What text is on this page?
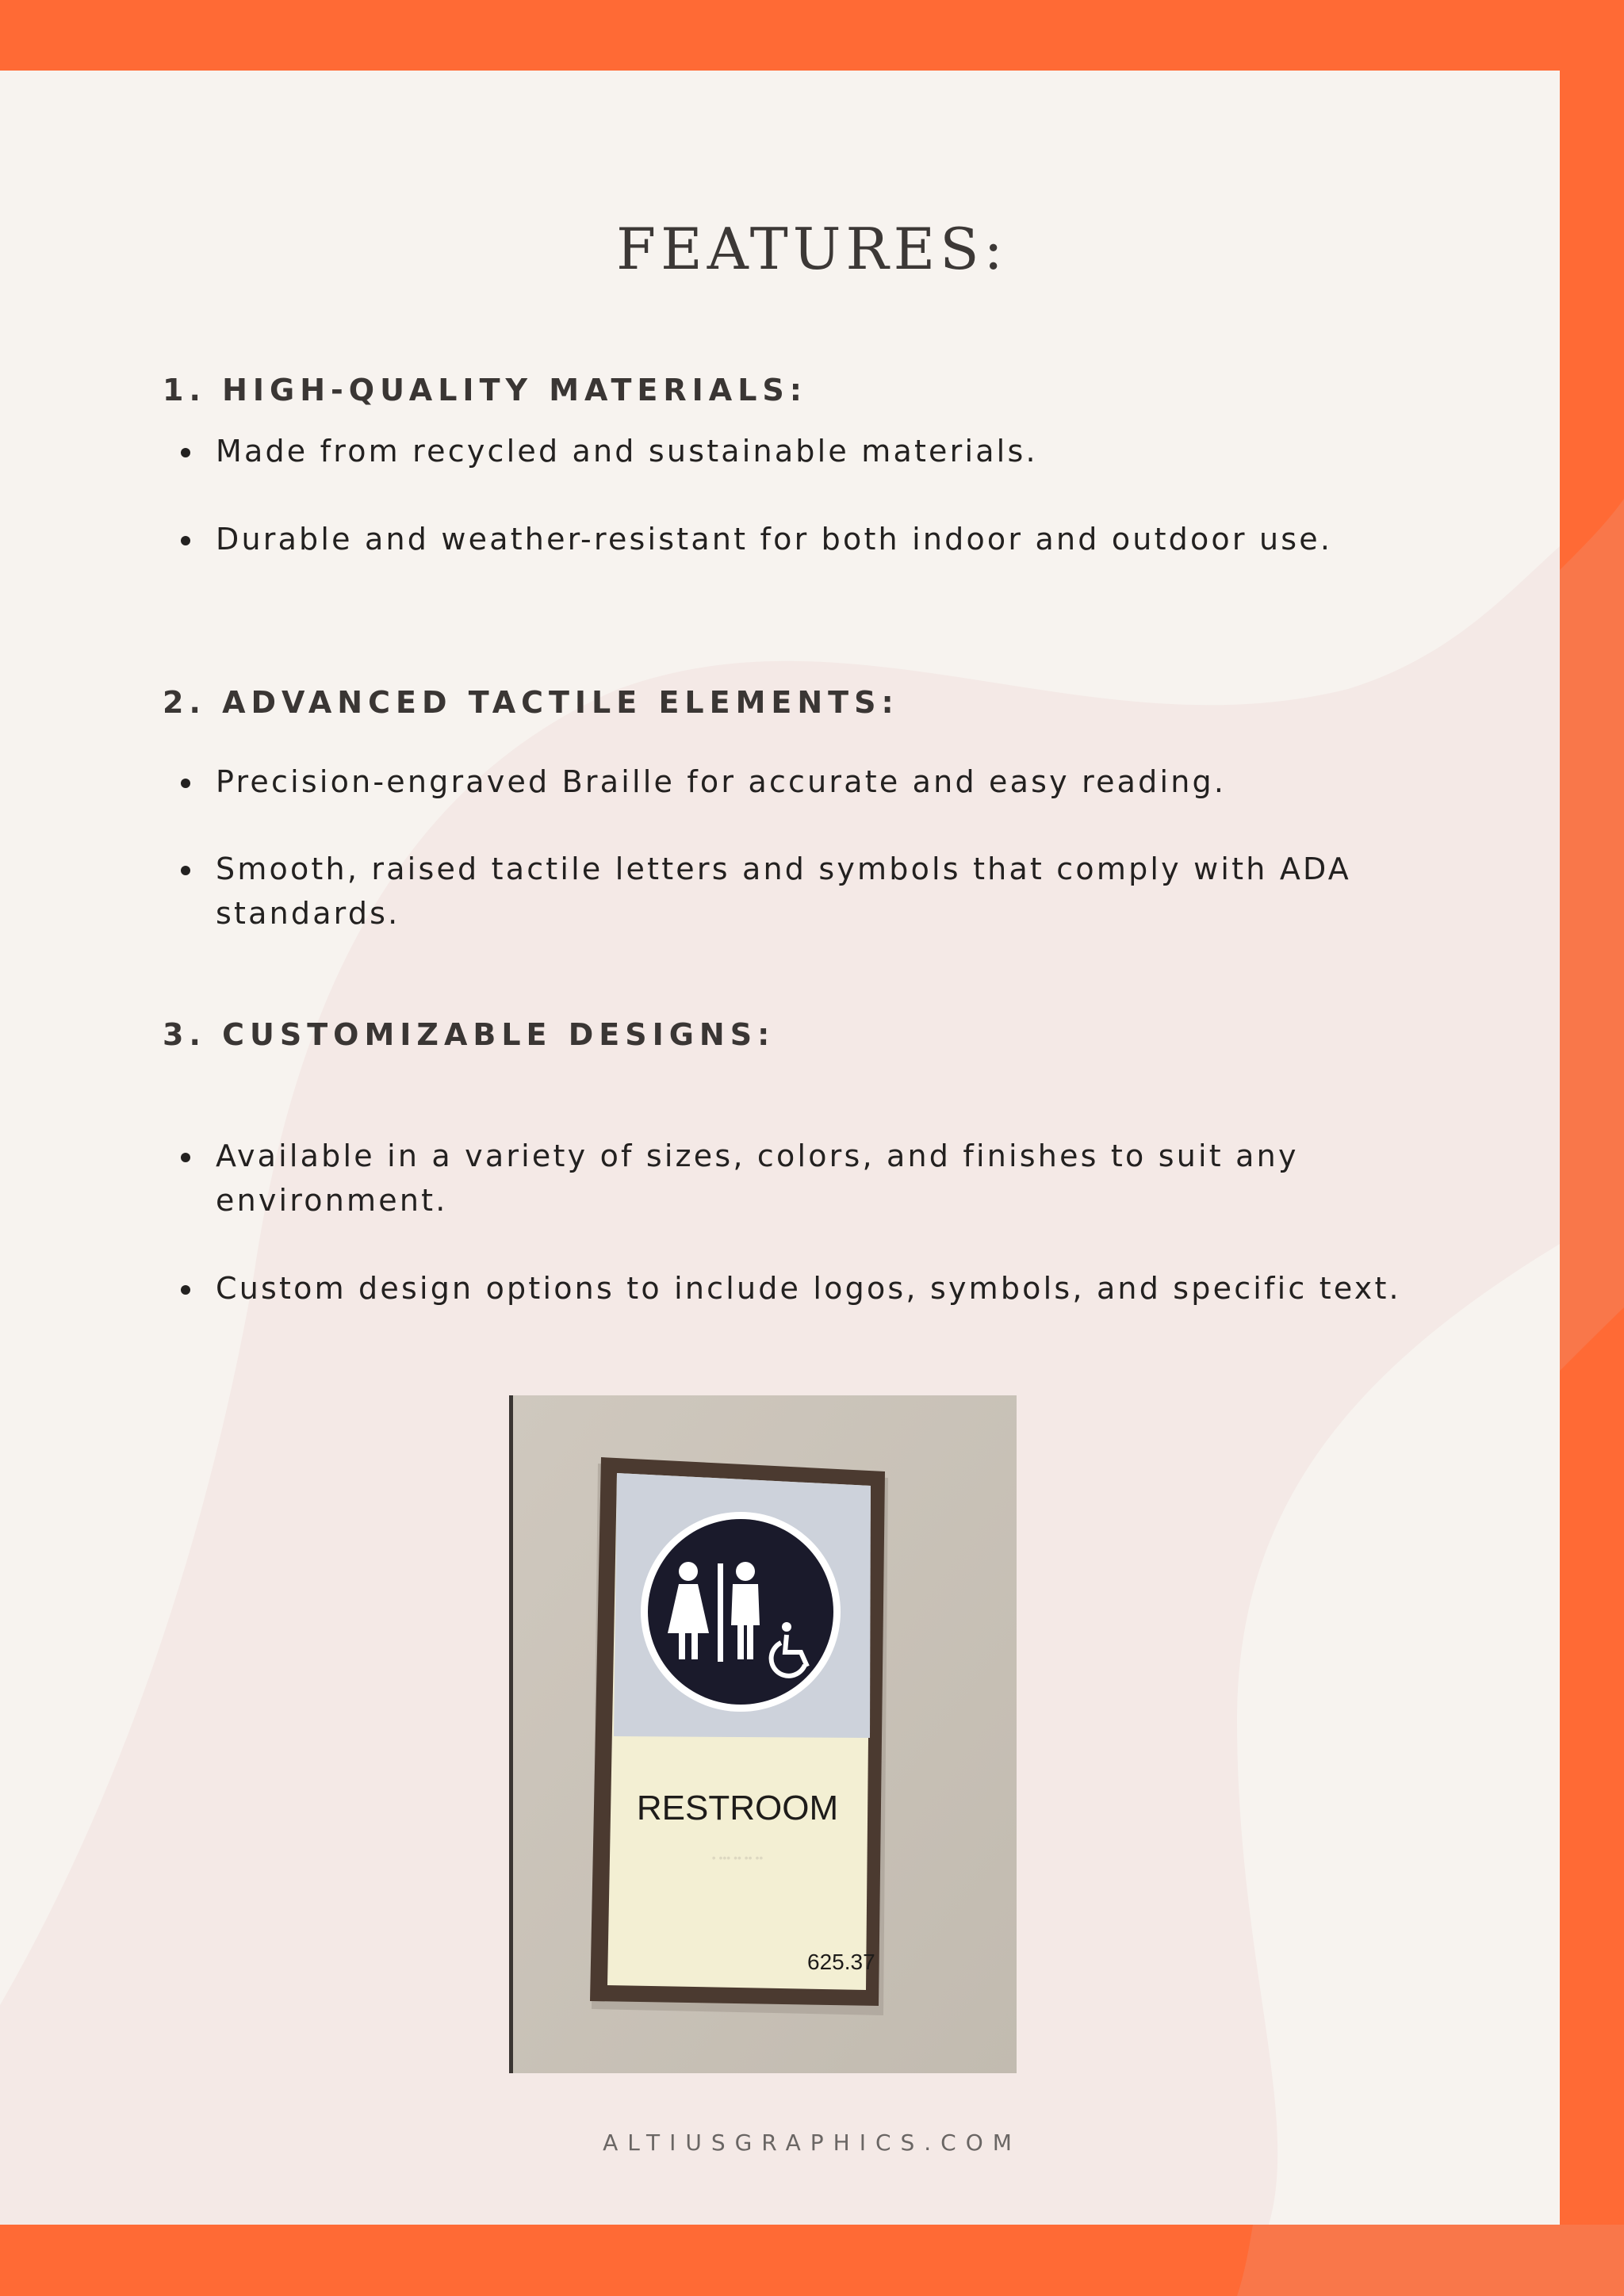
FEATURES:
1. HIGH-QUALITY MATERIALS:
Made from recycled and sustainable materials.
Durable and weather-resistant for both indoor and outdoor use.
2. ADVANCED TACTILE ELEMENTS:
Precision-engraved Braille for accurate and easy reading.
Smooth, raised tactile letters and symbols that comply with ADA standards.
3. CUSTOMIZABLE DESIGNS:
Available in a variety of sizes, colors, and finishes to suit any environment.
Custom design options to include logos, symbols, and specific text.
RESTROOM
• ••• •• •• ••
625.37
ALTIUSGRAPHICS.COM
